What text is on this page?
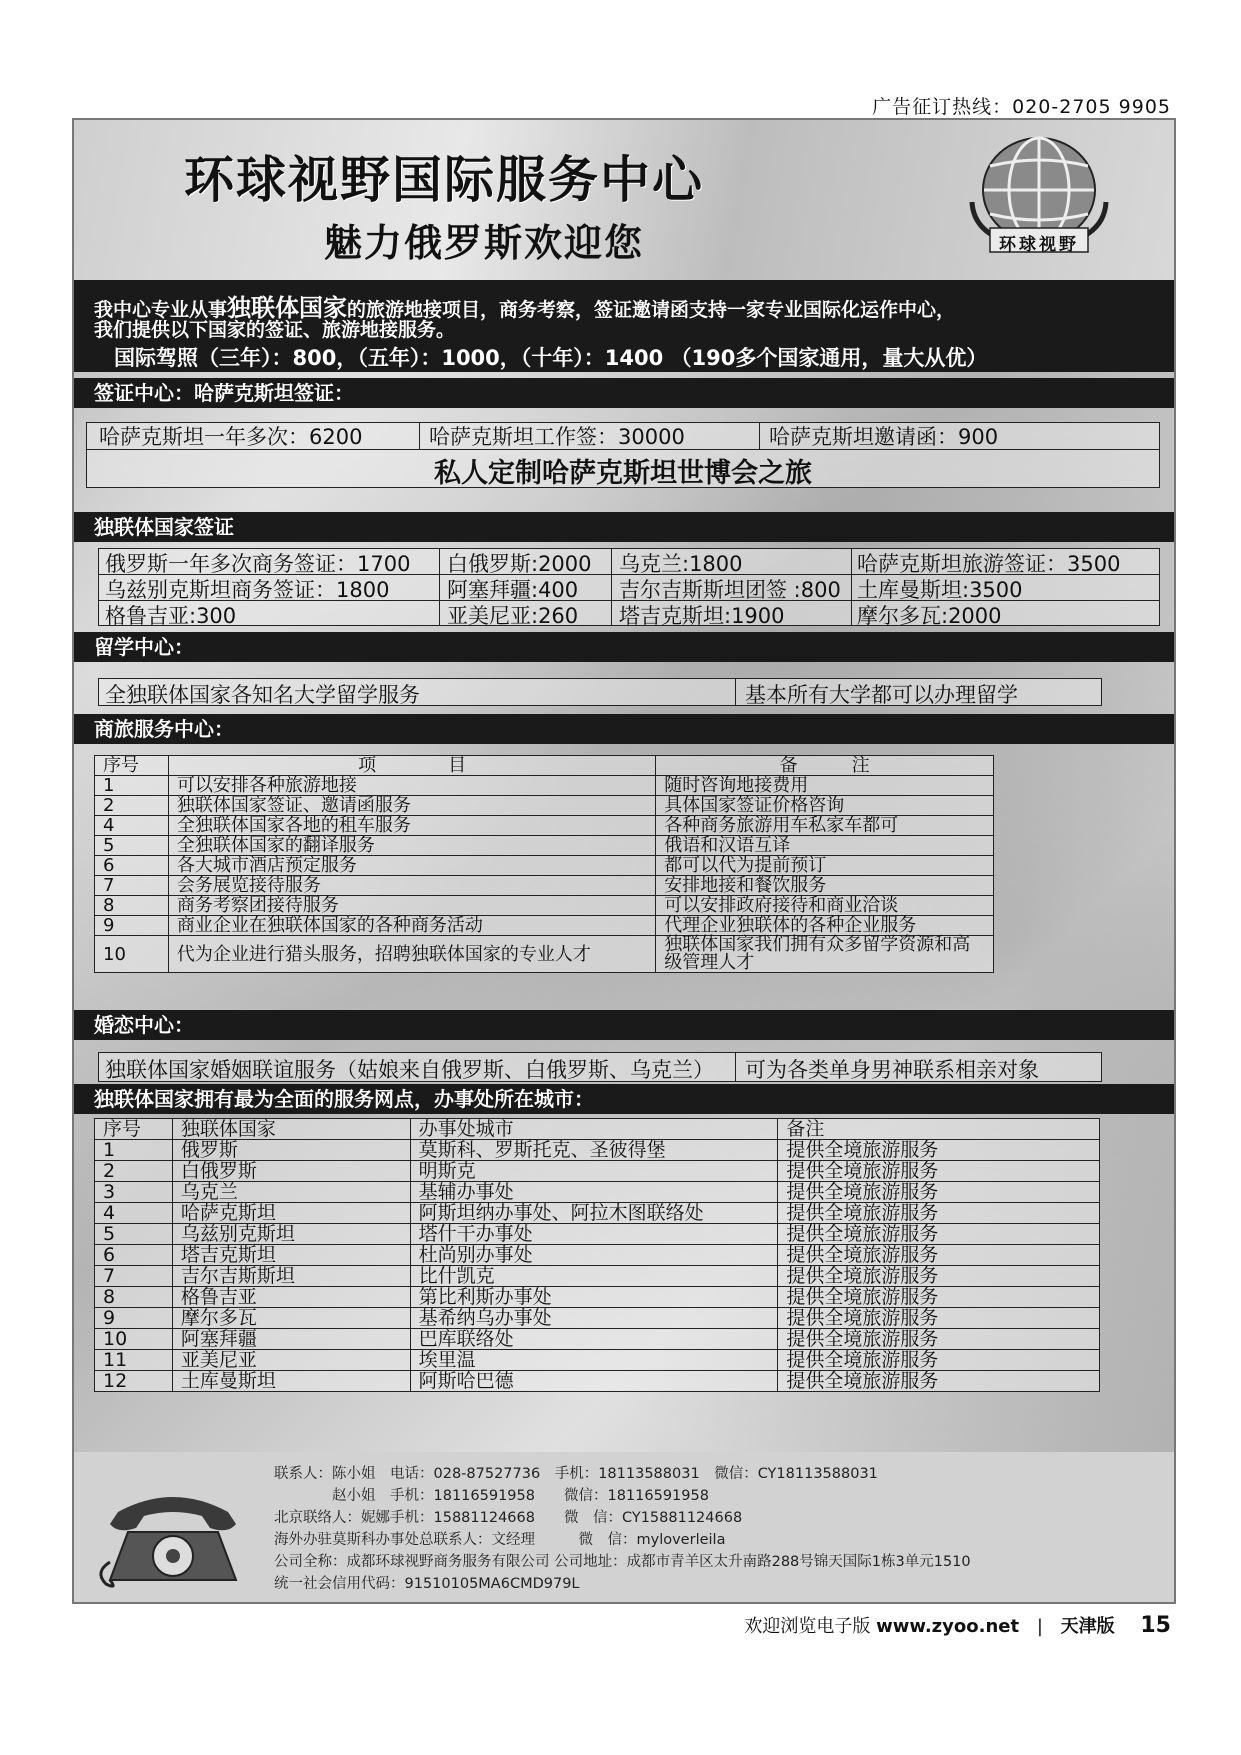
广告征订热线：020-2705 9905
环球视野国际服务中心
魅力俄罗斯欢迎您	环球视野
我中心专业从事独联体国家的旅游地接项目，商务考察，签证邀请函支持一家专业国际化运作中心，
我们提供以下国家的签证、旅游地接服务。
国际驾照（三年）：800，（五年）：1000，（十年）：1400 （190多个国家通用，量大从优）
签证中心：哈萨克斯坦签证：
哈萨克斯坦一年多次：6200	哈萨克斯坦工作签：30000	哈萨克斯坦邀请函：900
私人定制哈萨克斯坦世博会之旅
独联体国家签证
俄罗斯一年多次商务签证：1700 白俄罗斯:2000 乌克兰:1800	哈萨克斯坦旅游签证：3500
乌兹别克斯坦商务签证：1800	阿塞拜疆:400 吉尔吉斯斯坦团签 :800 土库曼斯坦:3500
格鲁吉亚:300	亚美尼亚:260 塔吉克斯坦:1900	摩尔多瓦:2000
留学中心：
全独联体国家各知名大学留学服务	基本所有大学都可以办理留学
商旅服务中心：
序号	项　　　　目	备　　　注
1	可以安排各种旅游地接	随时咨询地接费用
2	独联体国家签证、邀请函服务	具体国家签证价格咨询
4	全独联体国家各地的租车服务	各种商务旅游用车私家车都可
5	全独联体国家的翻译服务	俄语和汉语互译
6	各大城市酒店预定服务	都可以代为提前预订
7	会务展览接待服务	安排地接和餐饮服务
8	商务考察团接待服务	可以安排政府接待和商业洽谈
9	商业企业在独联体国家的各种商务活动	代理企业独联体的各种企业服务
10	代为企业进行猎头服务，招聘独联体国家的专业人才	独联体国家我们拥有众多留学资源和高级管理人才
婚恋中心：
独联体国家婚姻联谊服务（姑娘来自俄罗斯、白俄罗斯、乌克兰） 可为各类单身男神联系相亲对象
独联体国家拥有最为全面的服务网点，办事处所在城市：
序号	独联体国家	办事处城市	备注
1	俄罗斯	莫斯科、罗斯托克、圣彼得堡	提供全境旅游服务
2	白俄罗斯	明斯克	提供全境旅游服务
3	乌克兰	基辅办事处	提供全境旅游服务
4	哈萨克斯坦	阿斯坦纳办事处、阿拉木图联络处	提供全境旅游服务
5	乌兹别克斯坦	塔什干办事处	提供全境旅游服务
6	塔吉克斯坦	杜尚别办事处	提供全境旅游服务
7	吉尔吉斯斯坦	比什凯克	提供全境旅游服务
8	格鲁吉亚	第比利斯办事处	提供全境旅游服务
9	摩尔多瓦	基希纳乌办事处	提供全境旅游服务
10	阿塞拜疆	巴库联络处	提供全境旅游服务
11	亚美尼亚	埃里温	提供全境旅游服务
12	土库曼斯坦	阿斯哈巴德	提供全境旅游服务
联系人：陈小姐　电话：028-87527736　手机：18113588031　微信：CY18113588031
　　　　赵小姐　手机：18116591958　　微信：18116591958
北京联络人：妮娜手机：15881124668　　微　信：CY15881124668
海外办驻莫斯科办事处总联系人：文经理　　　微　信：myloverleila
公司全称：成都环球视野商务服务有限公司 公司地址：成都市青羊区太升南路288号锦天国际1栋3单元1510
统一社会信用代码：91510105MA6CMD979L
欢迎浏览电子版 www.zyoo.net | 天津版 15
